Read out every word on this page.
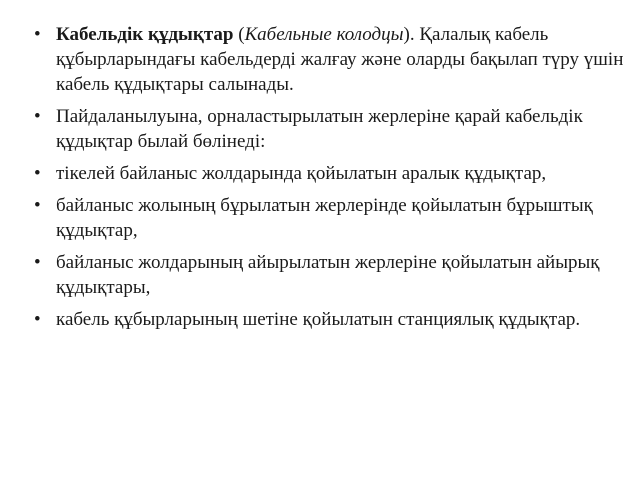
• Кабельдік құдықтар (Кабельные колодцы). Қалалық кабель құбырларындағы кабельдерді жалғау және оларды бақылап түру үшін кабель құдықтары салынады.
• Пайдаланылуына, орналастырылатын жерлеріне қарай кабельдік құдықтар былай бөлінеді:
• тікелей байланыс жолдарында қойылатын аралык құдықтар,
• байланыс жолының бұрылатын жерлерінде қойылатын бұрыштық құдықтар,
• байланыс жолдарының айырылатын жерлеріне қойылатын айырық құдықтары,
• кабель құбырларының шетіне қойылатын станциялық құдықтар.
